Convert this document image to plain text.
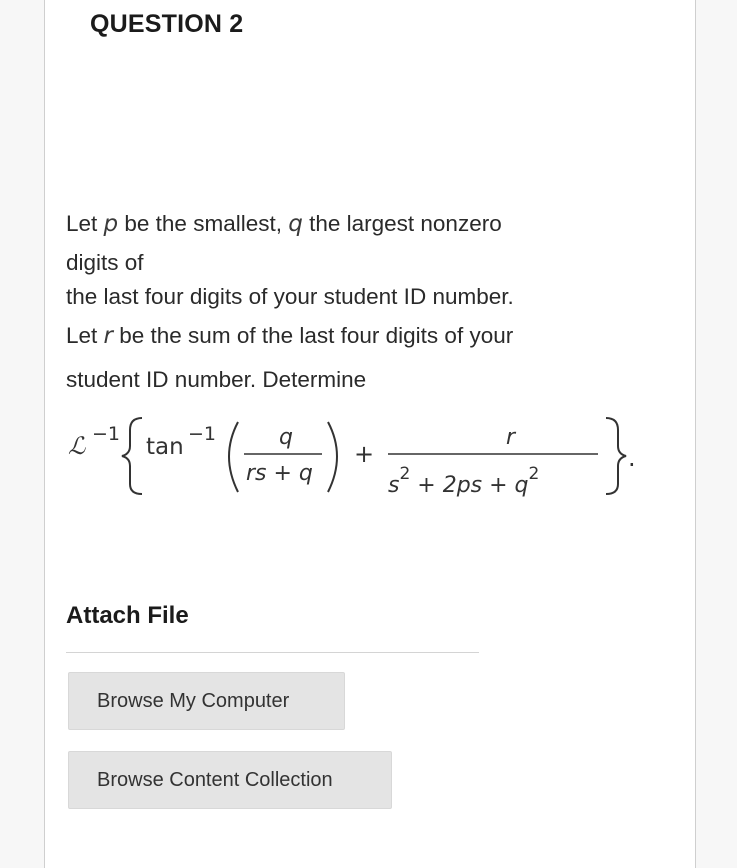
QUESTION 2
Let p be the smallest, q the largest nonzero
digits of
the last four digits of your student ID number.
Let r be the sum of the last four digits of your
student ID number. Determine
ℒ −1 tan −1	q
rs + q
+
r
$s^2 + 2ps + q^2$
.
Attach File
Browse My Computer
Browse Content Collection
